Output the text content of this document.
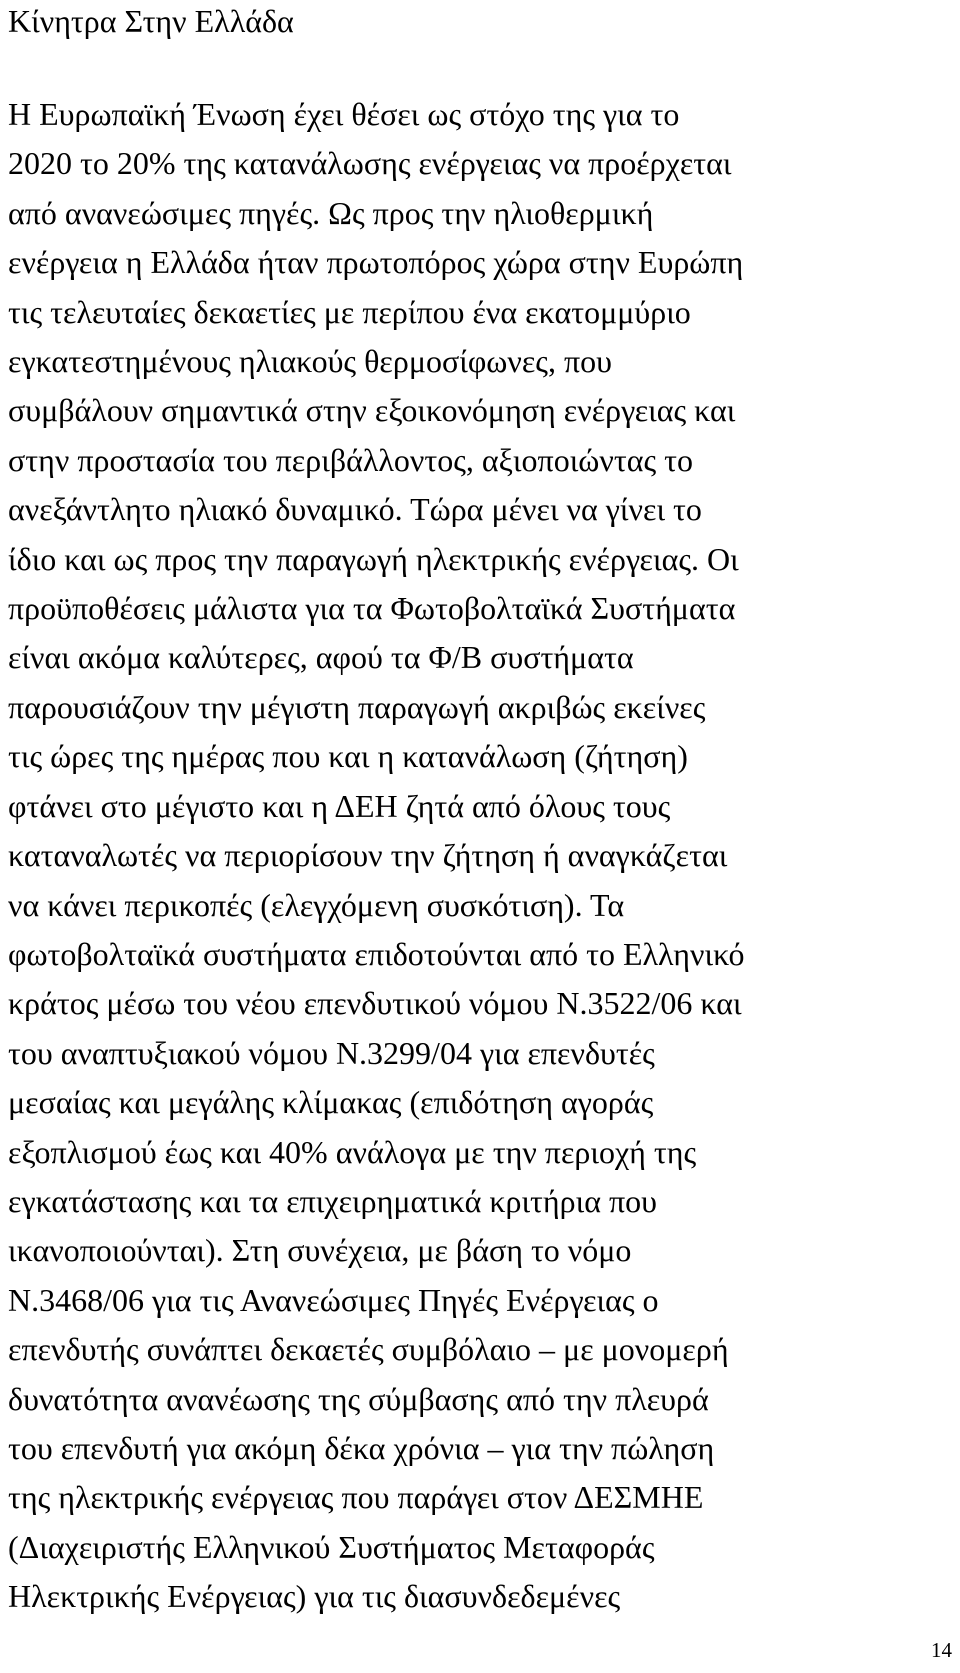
Κίνητρα Στην Ελλάδα

Η Ευρωπαϊκή Ένωση έχει θέσει ως στόχο της για το
2020 το 20% της κατανάλωσης ενέργειας να προέρχεται
από ανανεώσιμες πηγές. Ως προς την ηλιοθερμική
ενέργεια η Ελλάδα ήταν πρωτοπόρος χώρα στην Ευρώπη
τις τελευταίες δεκαετίες με περίπου ένα εκατομμύριο
εγκατεστημένους ηλιακούς θερμοσίφωνες, που
συμβάλουν σημαντικά στην εξοικονόμηση ενέργειας και
στην προστασία του περιβάλλοντος, αξιοποιώντας το
ανεξάντλητο ηλιακό δυναμικό. Τώρα μένει να γίνει το
ίδιο και ως προς την παραγωγή ηλεκτρικής ενέργειας. Οι
προϋποθέσεις μάλιστα για τα Φωτοβολταϊκά Συστήματα
είναι ακόμα καλύτερες, αφού τα Φ/Β συστήματα
παρουσιάζουν την μέγιστη παραγωγή ακριβώς εκείνες
τις ώρες της ημέρας που και η κατανάλωση (ζήτηση)
φτάνει στο μέγιστο και η ΔΕΗ ζητά από όλους τους
καταναλωτές να περιορίσουν την ζήτηση ή αναγκάζεται
να κάνει περικοπές (ελεγχόμενη συσκότιση). Τα
φωτοβολταϊκά συστήματα επιδοτούνται από το Ελληνικό
κράτος μέσω του νέου επενδυτικού νόμου Ν.3522/06 και
του αναπτυξιακού νόμου Ν.3299/04 για επενδυτές
μεσαίας και μεγάλης κλίμακας (επιδότηση αγοράς
εξοπλισμού έως και 40% ανάλογα με την περιοχή της
εγκατάστασης και τα επιχειρηματικά κριτήρια που
ικανοποιούνται). Στη συνέχεια, με βάση το νόμο
Ν.3468/06 για τις Ανανεώσιμες Πηγές Ενέργειας ο
επενδυτής συνάπτει δεκαετές συμβόλαιο – με μονομερή
δυνατότητα ανανέωσης της σύμβασης από την πλευρά
του επενδυτή για ακόμη δέκα χρόνια – για την πώληση
της ηλεκτρικής ενέργειας που παράγει στον ΔΕΣΜΗΕ
(Διαχειριστής Ελληνικού Συστήματος Μεταφοράς
Ηλεκτρικής Ενέργειας) για τις διασυνδεδεμένες

14
